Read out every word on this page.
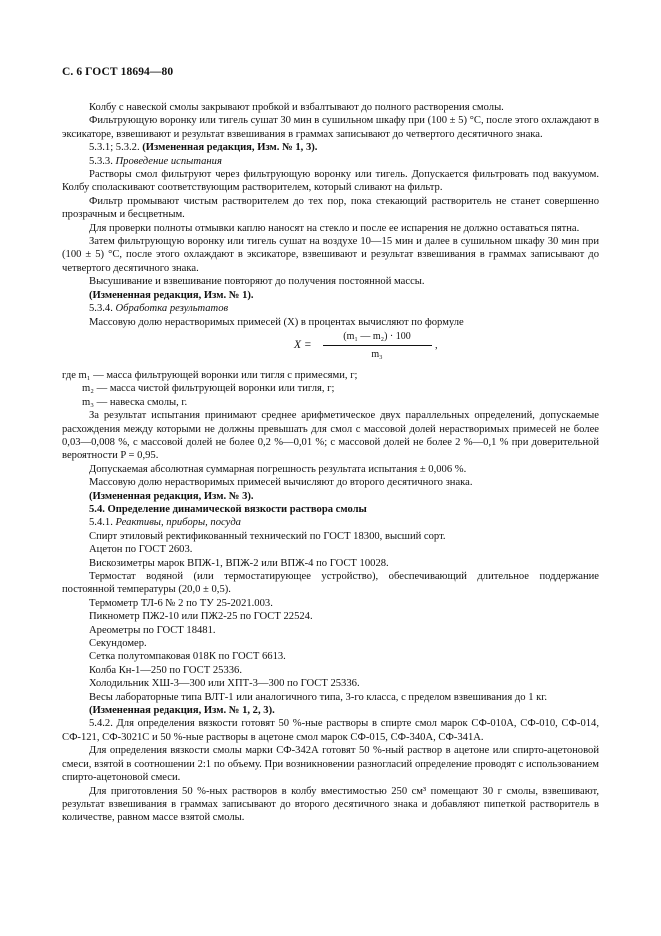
С. 6 ГОСТ 18694—80

Колбу с навеской смолы закрывают пробкой и взбалтывают до полного растворения смолы.

Фильтрующую воронку или тигель сушат 30 мин в сушильном шкафу при (100 ± 5) °С, после этого охлаждают в эксикаторе, взвешивают и результат взвешивания в граммах записывают до четвертого десятичного знака.

5.3.1; 5.3.2. (Измененная редакция, Изм. № 1, 3).

5.3.3. Проведение испытания

Растворы смол фильтруют через фильтрующую воронку или тигель. Допускается фильтровать под вакуумом. Колбу споласкивают соответствующим растворителем, который сливают на фильтр.

Фильтр промывают чистым растворителем до тех пор, пока стекающий растворитель не станет совершенно прозрачным и бесцветным.

Для проверки полноты отмывки каплю наносят на стекло и после ее испарения не должно оставаться пятна.

Затем фильтрующую воронку или тигель сушат на воздухе 10—15 мин и далее в сушильном шкафу 30 мин при (100 ± 5) °С, после этого охлаждают в эксикаторе, взвешивают и результат взвешивания в граммах записывают до четвертого десятичного знака.

Высушивание и взвешивание повторяют до получения постоянной массы.

(Измененная редакция, Изм. № 1).

5.3.4. Обработка результатов

Массовую долю нерастворимых примесей (X) в процентах вычисляют по формуле

X =
(m₁ — m₂) · 100
m₃
,

где m₁ — масса фильтрующей воронки или тигля с примесями, г;

m₂ — масса чистой фильтрующей воронки или тигля, г;

m₃ — навеска смолы, г.

За результат испытания принимают среднее арифметическое двух параллельных определений, допускаемые расхождения между которыми не должны превышать для смол с массовой долей нерастворимых примесей не более 0,03—0,008 %, с массовой долей не более 0,2 %—0,01 %; с массовой долей не более 2 %—0,1 % при доверительной вероятности P = 0,95.

Допускаемая абсолютная суммарная погрешность результата испытания ± 0,006 %.

Массовую долю нерастворимых примесей вычисляют до второго десятичного знака.

(Измененная редакция, Изм. № 3).

5.4. Определение динамической вязкости раствора смолы

5.4.1. Реактивы, приборы, посуда

Спирт этиловый ректификованный технический по ГОСТ 18300, высший сорт.

Ацетон по ГОСТ 2603.

Вискозиметры марок ВПЖ-1, ВПЖ-2 или ВПЖ-4 по ГОСТ 10028.

Термостат водяной (или термостатирующее устройство), обеспечивающий длительное поддержание постоянной температуры (20,0 ± 0,5).

Термометр ТЛ-6 № 2 по ТУ 25-2021.003.

Пикнометр ПЖ2-10 или ПЖ2-25 по ГОСТ 22524.

Ареометры по ГОСТ 18481.

Секундомер.

Сетка полутомпаковая 018К по ГОСТ 6613.

Колба Кн-1—250 по ГОСТ 25336.

Холодильник ХШ-3—300 или ХПТ-3—300 по ГОСТ 25336.

Весы лабораторные типа ВЛТ-1 или аналогичного типа, 3-го класса, с пределом взвешивания до 1 кг.

(Измененная редакция, Изм. № 1, 2, 3).

5.4.2. Для определения вязкости готовят 50 %-ные растворы в спирте смол марок СФ-010А, СФ-010, СФ-014, СФ-121, СФ-3021С и 50 %-ные растворы в ацетоне смол марок СФ-015, СФ-340А, СФ-341А.

Для определения вязкости смолы марки СФ-342А готовят 50 %-ный раствор в ацетоне или спирто-ацетоновой смеси, взятой в соотношении 2:1 по объему. При возникновении разногласий определение проводят с использованием спирто-ацетоновой смеси.

Для приготовления 50 %-ных растворов в колбу вместимостью 250 см³ помещают 30 г смолы, взвешивают, результат взвешивания в граммах записывают до второго десятичного знака и добавляют пипеткой растворитель в количестве, равном массе взятой смолы.
